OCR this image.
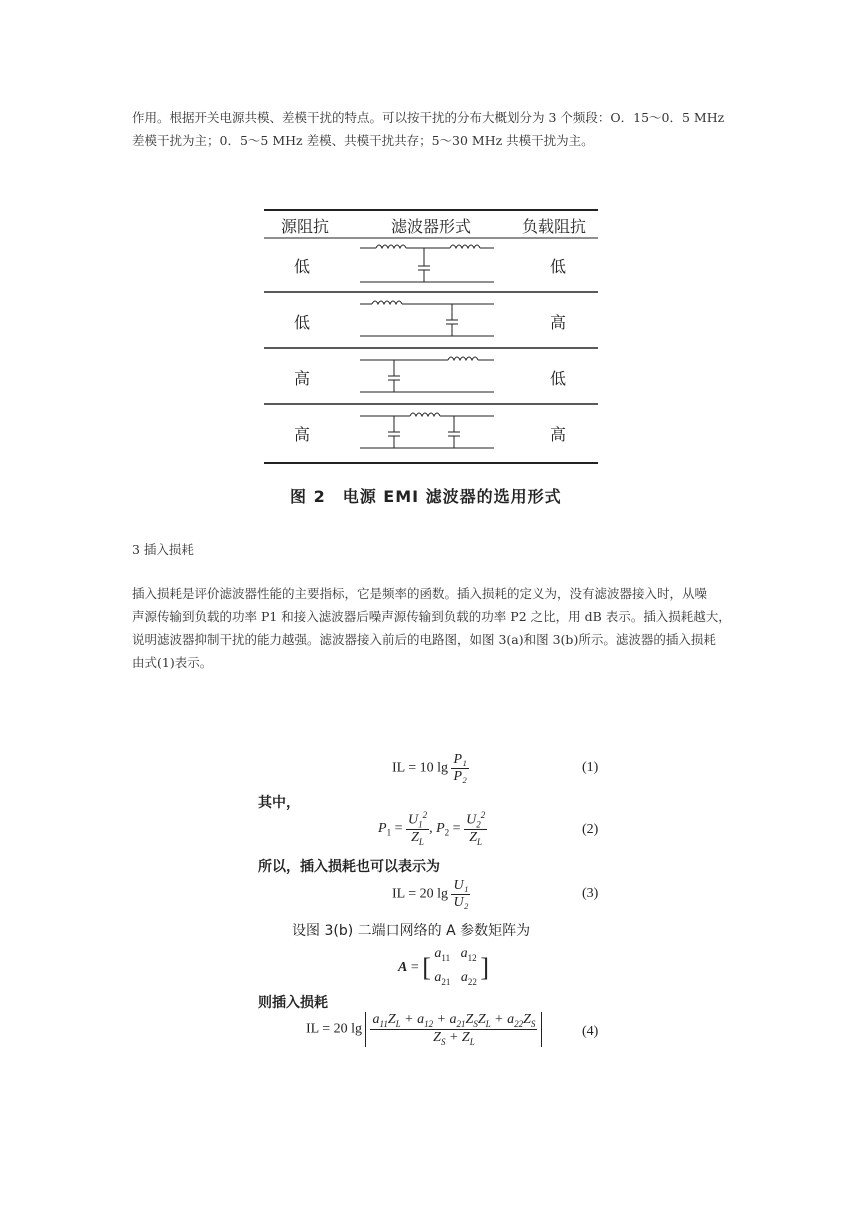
作用。根据开关电源共模、差模干扰的特点。可以按干扰的分布大概划分为 3 个频段：O．15～0．5 MHz

差模干扰为主；0．5～5 MHz 差模、共模干扰共存；5～30 MHz 共模干扰为主。

源阻抗	滤波器形式	负载阻抗
低	低
低	高
高	低
高	高
图 2　电源 EMI 滤波器的选用形式
3 插入损耗

插入损耗是评价滤波器性能的主要指标，它是频率的函数。插入损耗的定义为，没有滤波器接入时，从噪

声源传输到负载的功率 P1 和接入滤波器后噪声源传输到负载的功率 P2 之比，用 dB 表示。插入损耗越大，

说明滤波器抑制干扰的能力越强。滤波器接入前后的电路图，如图 3(a)和图 3(b)所示。滤波器的插入损耗

由式(1)表示。

IL = 10 $\lg \frac{\text{P₁}}{\text{P₂}}$	(1)
其中，
$P_1 = \frac{U_1^2}{Z_L}$ , $P_2 = \frac{U_2^2}{Z_L}$	(2)
所以，插入损耗也可以表示为
IL = 20 $\lg \frac{\text{U₁}}{\text{U₂}}$	(3)
设图 3(b) 二端口网络的 A 参数矩阵为
A = [ $a_{11}$ $a_{12}$
$a_{21}$ $a_{22}$ ]
则插入损耗
IL = 20 $\lg \frac{a_{11}Z_L + a_{12} + a_{21}Z_SZ_L + a_{22}Z_S}{Z_S + Z_L}$	(4)
